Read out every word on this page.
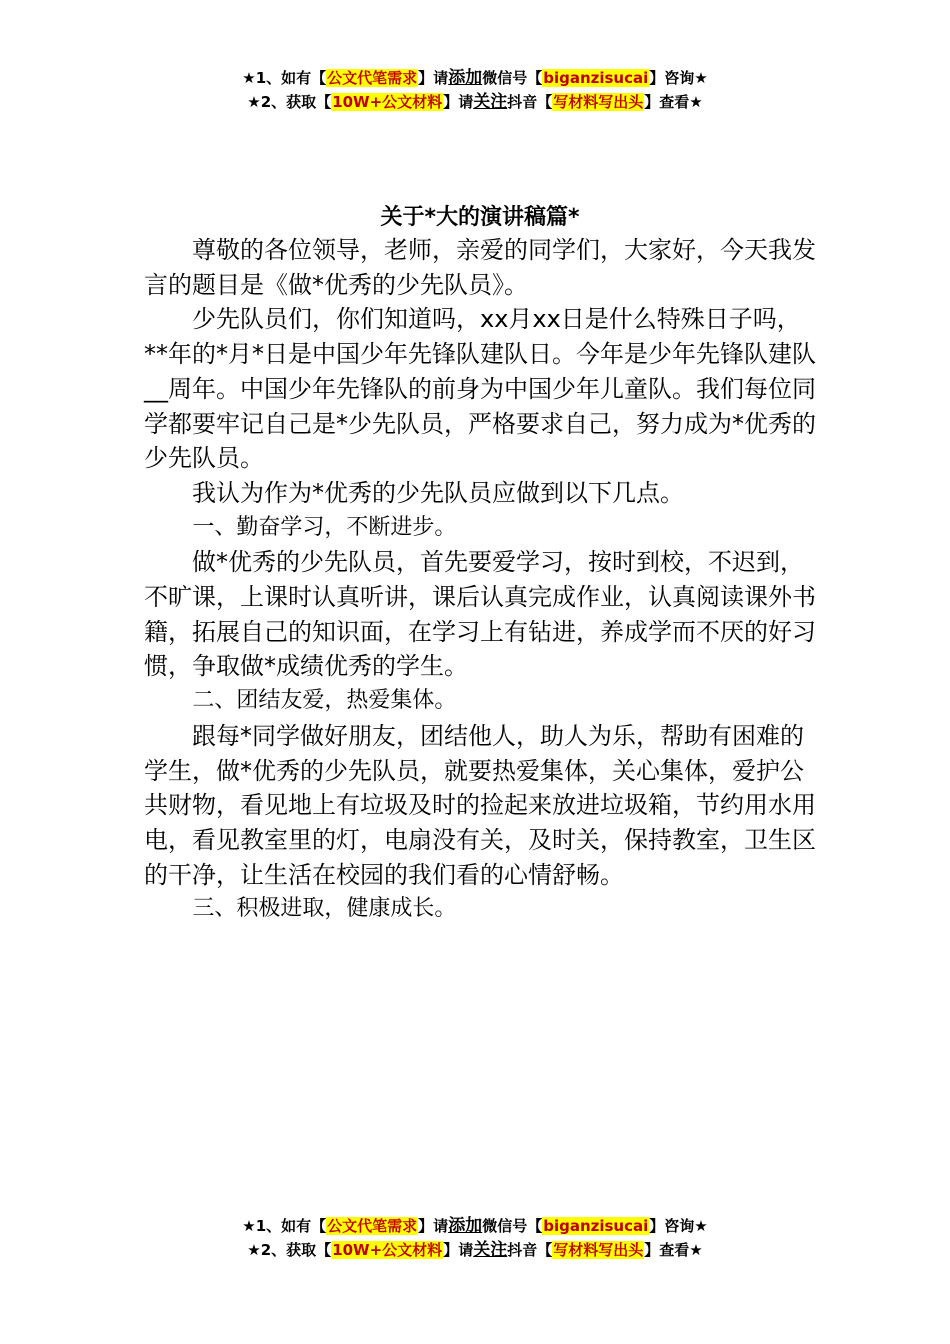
★1、如有【公文代笔需求】请添加微信号【biganzisucai】咨询★
★2、获取【10W+公文材料】请关注抖音【写材料写出头】查看★
关于*大的演讲稿篇*

尊敬的各位领导，老师，亲爱的同学们，大家好，今天我发言的题目是《做*优秀的少先队员》。

少先队员们，你们知道吗，xx月xx日是什么特殊日子吗，**年的*月*日是中国少年先锋队建队日。今年是少年先锋队建队__周年。中国少年先锋队的前身为中国少年儿童队。我们每位同学都要牢记自己是*少先队员，严格要求自己，努力成为*优秀的少先队员。

我认为作为*优秀的少先队员应做到以下几点。

一、勤奋学习，不断进步。

做*优秀的少先队员，首先要爱学习，按时到校，不迟到，不旷课，上课时认真听讲，课后认真完成作业，认真阅读课外书籍，拓展自己的知识面，在学习上有钻进，养成学而不厌的好习惯，争取做*成绩优秀的学生。

二、团结友爱，热爱集体。

跟每*同学做好朋友，团结他人，助人为乐，帮助有困难的学生，做*优秀的少先队员，就要热爱集体，关心集体，爱护公共财物，看见地上有垃圾及时的捡起来放进垃圾箱，节约用水用电，看见教室里的灯，电扇没有关，及时关，保持教室，卫生区的干净，让生活在校园的我们看的心情舒畅。

三、积极进取，健康成长。

★1、如有【公文代笔需求】请添加微信号【biganzisucai】咨询★
★2、获取【10W+公文材料】请关注抖音【写材料写出头】查看★
